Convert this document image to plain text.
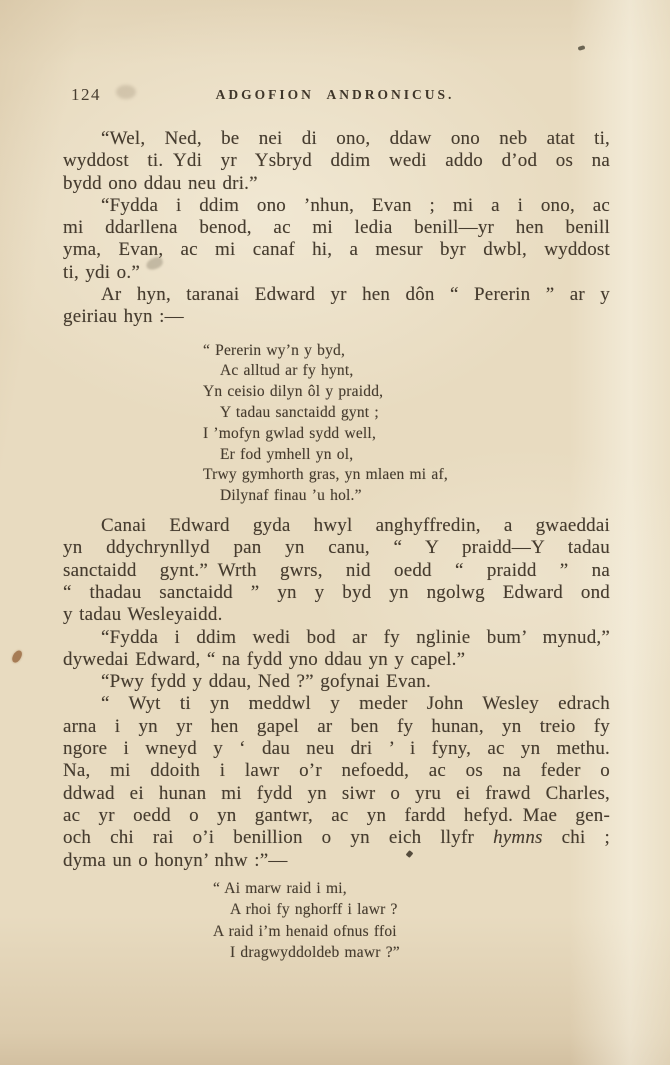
124	ADGOFION ANDRONICUS.
“Wel, Ned, be nei di ono, ddaw ono neb atat ti,
wyddost ti. Ydi yr Ysbryd ddim wedi addo d’od os na
bydd ono ddau neu dri.”
“Fydda i ddim ono ’nhun, Evan ; mi a i ono, ac
mi ddarllena benod, ac mi ledia benill—yr hen benill
yma, Evan, ac mi canaf hi, a mesur byr dwbl, wyddost
ti, ydi o.”
Ar hyn, taranai Edward yr hen dôn “ Pererin ” ar y
geiriau hyn :—
“ Pererin wy’n y byd,
Ac alltud ar fy hynt,
Yn ceisio dilyn ôl y praidd,
Y tadau sanctaidd gynt ;
I ’mofyn gwlad sydd well,
Er fod ymhell yn ol,
Trwy gymhorth gras, yn mlaen mi af,
Dilynaf finau ’u hol.”
Canai Edward gyda hwyl anghyffredin, a gwaeddai
yn ddychrynllyd pan yn canu, “ Y praidd—Y tadau
sanctaidd gynt.” Wrth gwrs, nid oedd “ praidd ” na
“ thadau sanctaidd ” yn y byd yn ngolwg Edward ond
y tadau Wesleyaidd.
“Fydda i ddim wedi bod ar fy nglinie bum’ mynud,”
dywedai Edward, “ na fydd yno ddau yn y capel.”
“Pwy fydd y ddau, Ned ?” gofynai Evan.
“ Wyt ti yn meddwl y meder John Wesley edrach
arna i yn yr hen gapel ar ben fy hunan, yn treio fy
ngore i wneyd y ‘ dau neu dri ’ i fyny, ac yn methu.
Na, mi ddoith i lawr o’r nefoedd, ac os na feder o
ddwad ei hunan mi fydd yn siwr o yru ei frawd Charles,
ac yr oedd o yn gantwr, ac yn fardd hefyd. Mae gen-
och chi rai o’i benillion o yn eich llyfr hymns chi ;
dyma un o honyn’ nhw :”—
“ Ai marw raid i mi,
A rhoi fy nghorff i lawr ?
A raid i’m henaid ofnus ffoi
I dragwyddoldeb mawr ?”
